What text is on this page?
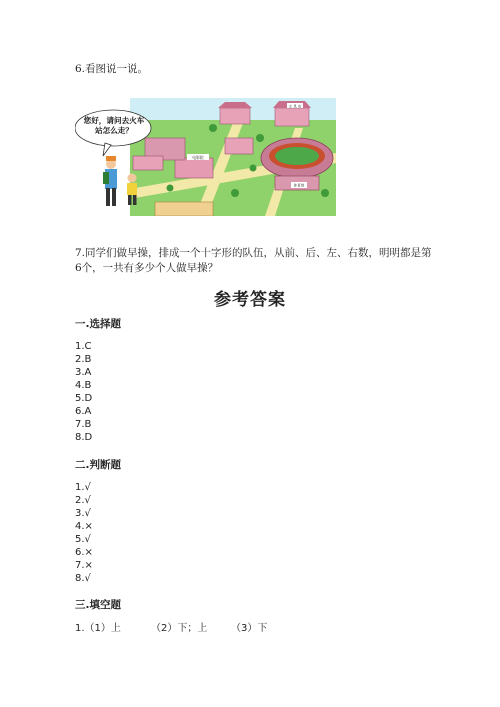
6.看图说一说。
文 具 店
电影院
体育馆
您好，请问去火车站怎么走？
7.同学们做早操，排成一个十字形的队伍，从前、后、左、右数，明明都是第
6个，一共有多少个人做早操？
参考答案
一.选择题
1.C
2.B
3.A
4.B
5.D
6.A
7.B
8.D
二.判断题
1.√
2.√
3.√
4.×
5.√
6.×
7.×
8.√
三.填空题
1.（1）上	（2）下；上 （3）下
